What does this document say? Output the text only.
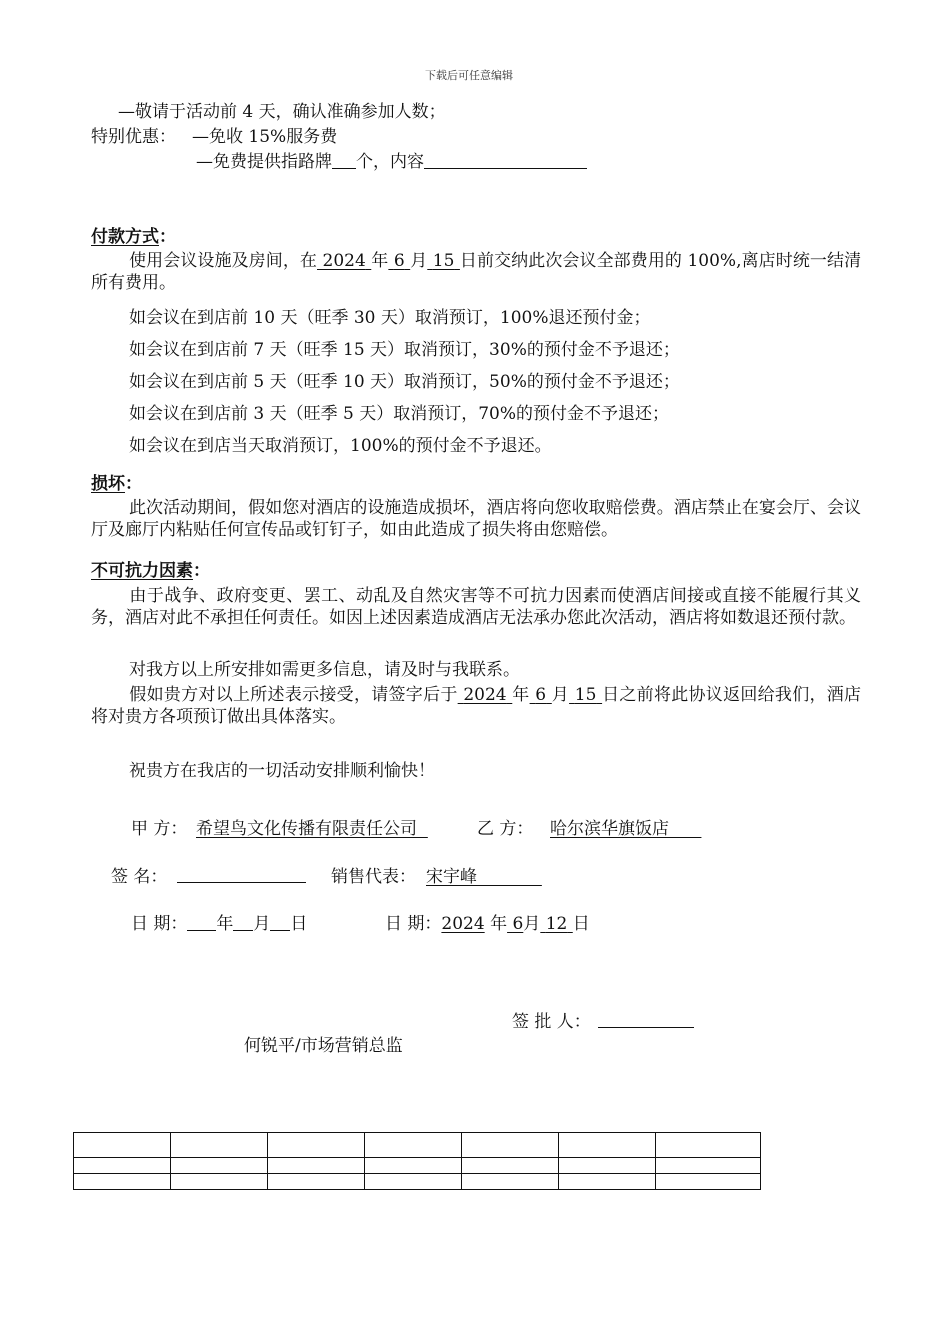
下载后可任意编辑
—敬请于活动前 4 天，确认准确参加人数；
特别优惠： —免收 15%服务费
—免费提供指路牌 个，内容
付款方式：
使用会议设施及房间，在 2024 年 6 月 15 日前交纳此次会议全部费用的 100%,离店时统一结清所有费用。
如会议在到店前 10 天（旺季 30 天）取消预订，100%退还预付金；
如会议在到店前 7 天（旺季 15 天）取消预订，30%的预付金不予退还；
如会议在到店前 5 天（旺季 10 天）取消预订，50%的预付金不予退还；
如会议在到店前 3 天（旺季 5 天）取消预订，70%的预付金不予退还；
如会议在到店当天取消预订，100%的预付金不予退还。
损坏：
此次活动期间，假如您对酒店的设施造成损坏，酒店将向您收取赔偿费。酒店禁止在宴会厅、会议厅及廊厅内粘贴任何宣传品或钉钉子，如由此造成了损失将由您赔偿。
不可抗力因素：
由于战争、政府变更、罢工、动乱及自然灾害等不可抗力因素而使酒店间接或直接不能履行其义务，酒店对此不承担任何责任。如因上述因素造成酒店无法承办您此次活动，酒店将如数退还预付款。
对我方以上所安排如需更多信息，请及时与我联系。
假如贵方对以上所述表示接受，请签字后于 2024 年 6 月 15 日之前将此协议返回给我们，酒店将对贵方各项预订做出具体落实。
祝贵方在我店的一切活动安排顺利愉快！
甲 方： 希望鸟文化传播有限责任公司	乙 方： 哈尔滨华旗饭店
签 名：	销售代表： 宋宇峰
日 期： 年 月 日	日 期：2024 年 6月 12 日
签 批 人：
何锐平/市场营销总监
